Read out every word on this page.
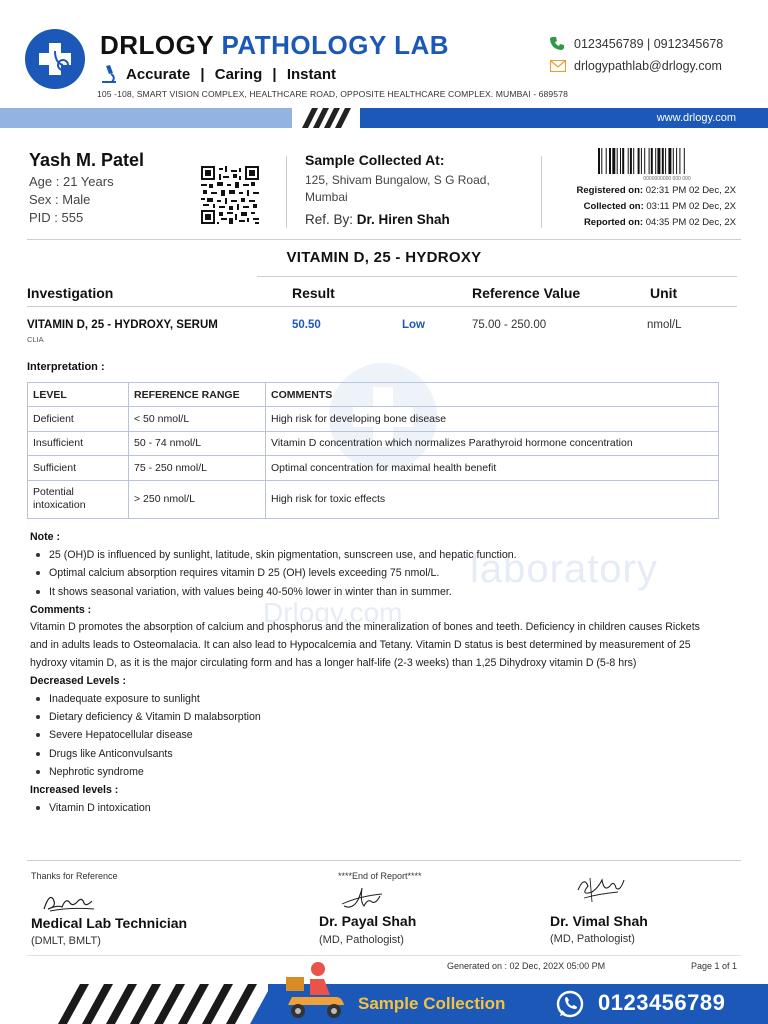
DRLOGY PATHOLOGY LAB
Accurate | Caring | Instant
105 -108, SMART VISION COMPLEX, HEALTHCARE ROAD, OPPOSITE HEALTHCARE COMPLEX. MUMBAI - 689578
0123456789 | 0912345678
drlogypathlab@drlogy.com
www.drlogy.com
Yash M. Patel
Age : 21 Years
Sex : Male
PID : 555
Sample Collected At:
125, Shivam Bungalow, S G Road,
Mumbai
Ref. By: Dr. Hiren Shah
0000000000 000 000
Registered on: 02:31 PM 02 Dec, 2X
Collected on: 03:11 PM 02 Dec, 2X
Reported on: 04:35 PM 02 Dec, 2X
VITAMIN D, 25 - HYDROXY
Investigation	Result	Reference Value	Unit
VITAMIN D, 25 - HYDROXY, SERUM	50.50	Low	75.00 - 250.00	nmol/L
CLIA
laboratory
Drlogy.com
Interpretation :
LEVEL	REFERENCE RANGE	COMMENTS
Deficient	< 50 nmol/L	High risk for developing bone disease
Insufficient	50 - 74 nmol/L	Vitamin D concentration which normalizes Parathyroid hormone concentration
Sufficient	75 - 250 nmol/L	Optimal concentration for maximal health benefit

Potential
intoxication	> 250 nmol/L	High risk for toxic effects
Note :
25 (OH)D is influenced by sunlight, latitude, skin pigmentation, sunscreen use, and hepatic function.
Optimal calcium absorption requires vitamin D 25 (OH) levels exceeding 75 nmol/L.
It shows seasonal variation, with values being 40-50% lower in winter than in summer.
Comments :
Vitamin D promotes the absorption of calcium and phosphorus and the mineralization of bones and teeth. Deficiency in children causes Rickets and in adults leads to Osteomalacia. It can also lead to Hypocalcemia and Tetany. Vitamin D status is best determined by measurement of 25 hydroxy vitamin D, as it is the major circulating form and has a longer half-life (2-3 weeks) than 1,25 Dihydroxy vitamin D (5-8 hrs)
Decreased Levels :
Inadequate exposure to sunlight
Dietary deficiency & Vitamin D malabsorption
Severe Hepatocellular disease
Drugs like Anticonvulsants
Nephrotic syndrome
Increased levels :
Vitamin D intoxication
Thanks for Reference	****End of Report****
Medical Lab Technician
(DMLT, BMLT)
Dr. Payal Shah
(MD, Pathologist)
Dr. Vimal Shah
(MD, Pathologist)
Generated on : 02 Dec, 202X 05:00 PM	Page 1 of 1
Sample Collection	0123456789
